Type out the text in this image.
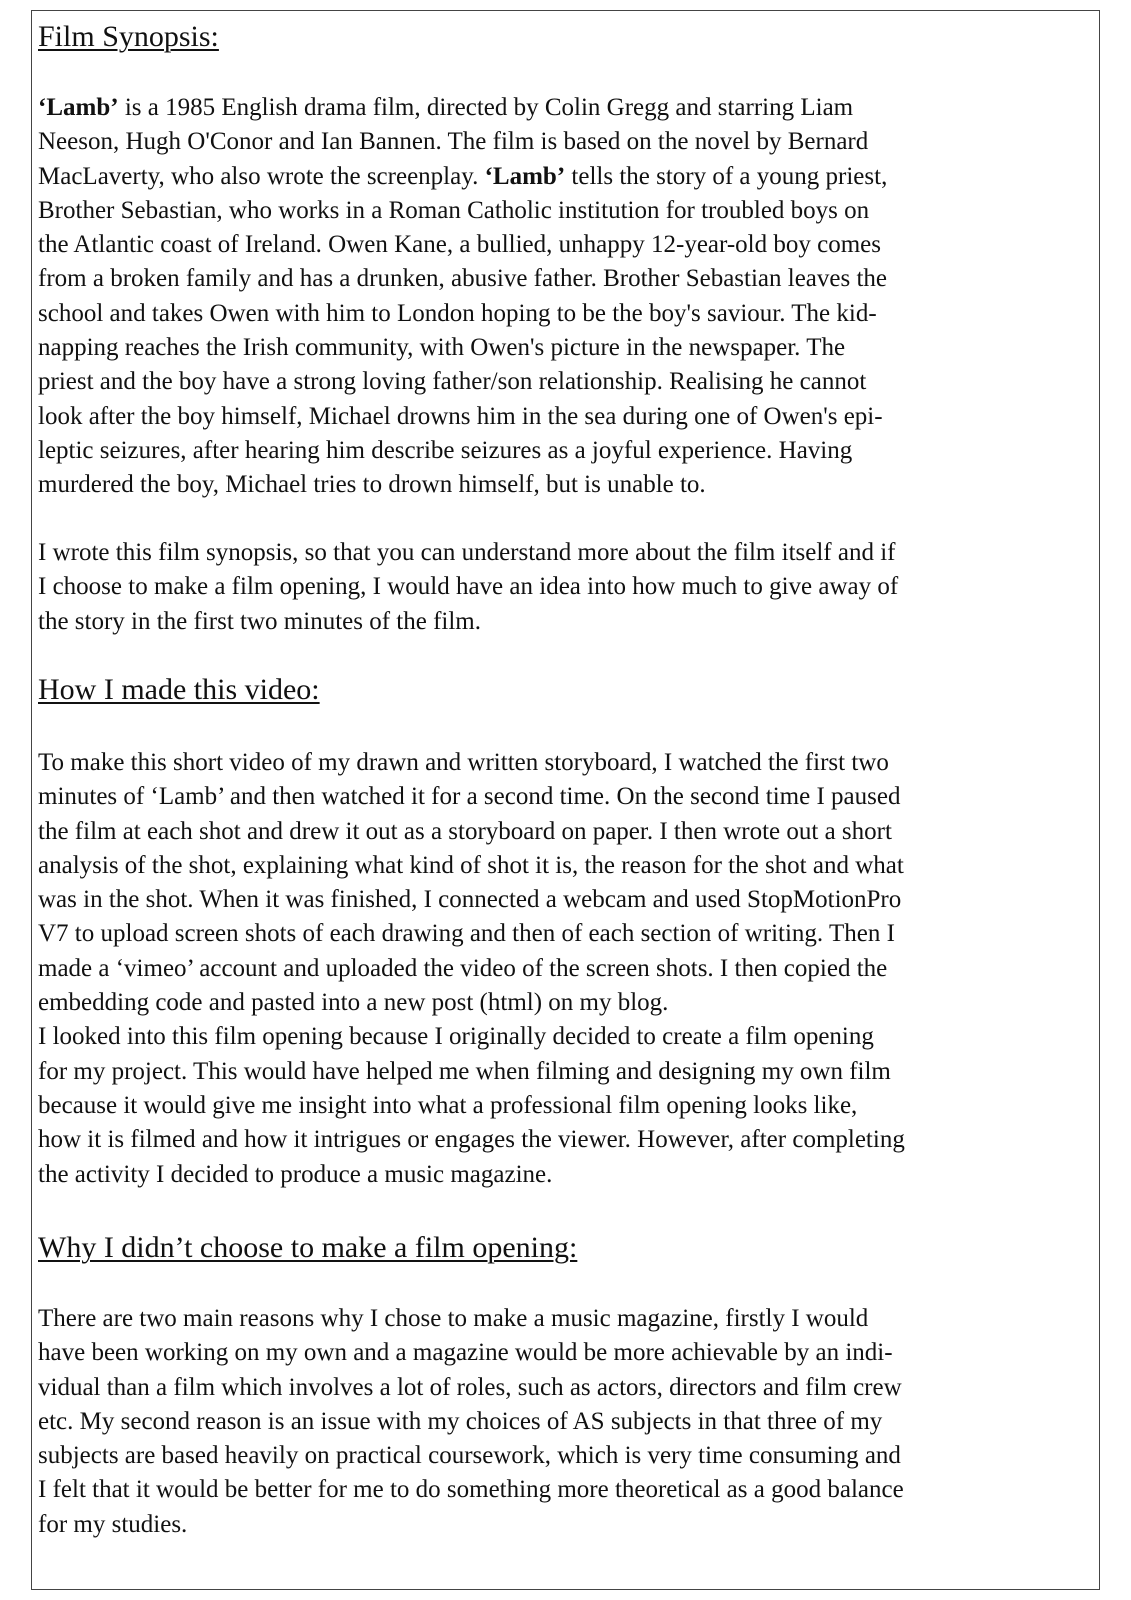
Film Synopsis:
‘Lamb’ is a 1985 English drama film, directed by Colin Gregg and starring Liam
Neeson, Hugh O'Conor and Ian Bannen. The film is based on the novel by Bernard
MacLaverty, who also wrote the screenplay. ‘Lamb’ tells the story of a young priest,
Brother Sebastian, who works in a Roman Catholic institution for troubled boys on
the Atlantic coast of Ireland. Owen Kane, a bullied, unhappy 12-year-old boy comes
from a broken family and has a drunken, abusive father. Brother Sebastian leaves the
school and takes Owen with him to London hoping to be the boy's saviour. The kid-
napping reaches the Irish community, with Owen's picture in the newspaper. The
priest and the boy have a strong loving father/son relationship. Realising he cannot
look after the boy himself, Michael drowns him in the sea during one of Owen's epi-
leptic seizures, after hearing him describe seizures as a joyful experience. Having
murdered the boy, Michael tries to drown himself, but is unable to.
I wrote this film synopsis, so that you can understand more about the film itself and if
I choose to make a film opening, I would have an idea into how much to give away of
the story in the first two minutes of the film.
How I made this video:
To make this short video of my drawn and written storyboard, I watched the first two
minutes of ‘Lamb’ and then watched it for a second time. On the second time I paused
the film at each shot and drew it out as a storyboard on paper. I then wrote out a short
analysis of the shot, explaining what kind of shot it is, the reason for the shot and what
was in the shot. When it was finished, I connected a webcam and used StopMotionPro
V7 to upload screen shots of each drawing and then of each section of writing. Then I
made a ‘vimeo’ account and uploaded the video of the screen shots. I then copied the
embedding code and pasted into a new post (html) on my blog.
I looked into this film opening because I originally decided to create a film opening
for my project. This would have helped me when filming and designing my own film
because it would give me insight into what a professional film opening looks like,
how it is filmed and how it intrigues or engages the viewer. However, after completing
the activity I decided to produce a music magazine.
Why I didn’t choose to make a film opening:
There are two main reasons why I chose to make a music magazine, firstly I would
have been working on my own and a magazine would be more achievable by an indi-
vidual than a film which involves a lot of roles, such as actors, directors and film crew
etc. My second reason is an issue with my choices of AS subjects in that three of my
subjects are based heavily on practical coursework, which is very time consuming and
I felt that it would be better for me to do something more theoretical as a good balance
for my studies.
